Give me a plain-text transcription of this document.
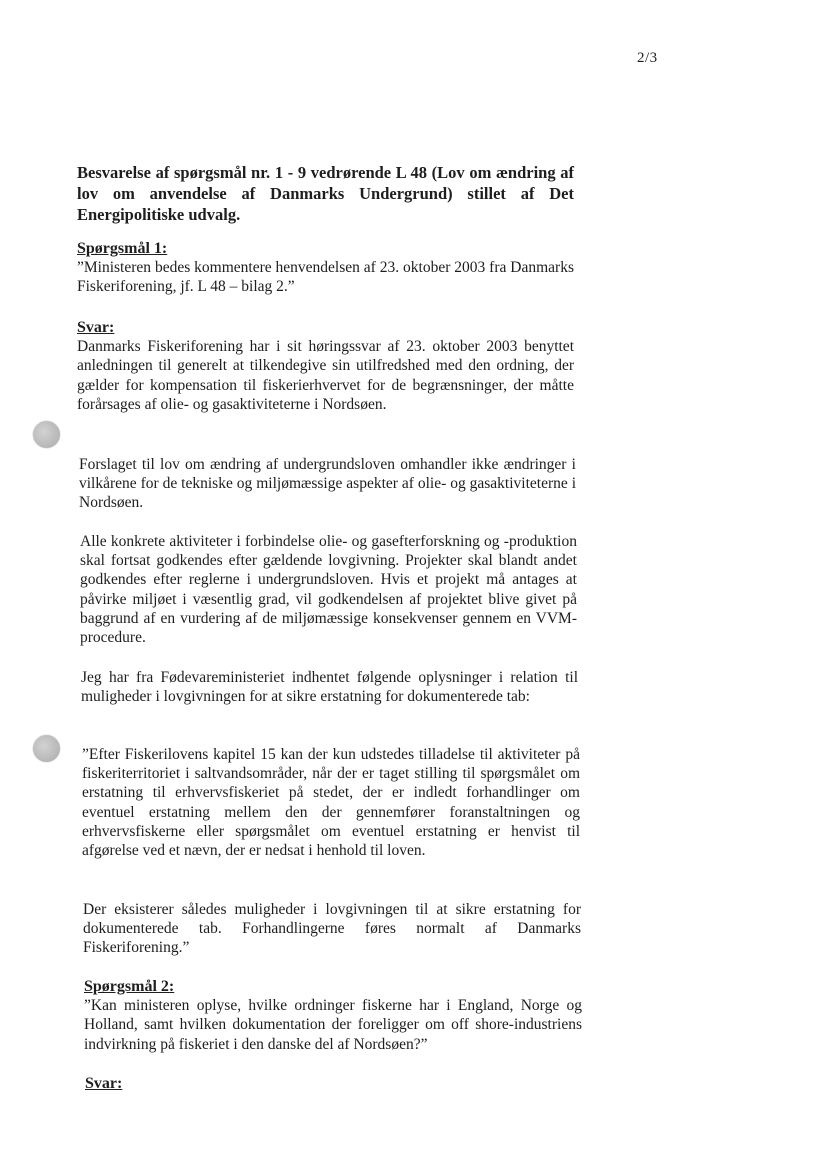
2/3
Besvarelse af spørgsmål nr. 1 - 9 vedrørende L 48 (Lov om ændring af lov om anvendelse af Danmarks Undergrund) stillet af Det Energipolitiske udvalg.

Spørgsmål 1:

”Ministeren bedes kommentere henvendelsen af 23. oktober 2003 fra Danmarks Fiskeriforening, jf. L 48 – bilag 2.”

Svar:

Danmarks Fiskeriforening har i sit høringssvar af 23. oktober 2003 benyttet anledningen til generelt at tilkendegive sin utilfredshed med den ordning, der gælder for kompensation til fiskerierhvervet for de begrænsninger, der måtte forårsages af olie- og gasaktiviteterne i Nordsøen.

Forslaget til lov om ændring af undergrundsloven omhandler ikke ændringer i vilkårene for de tekniske og miljømæssige aspekter af olie- og gasaktiviteterne i Nordsøen.
Alle konkrete aktiviteter i forbindelse olie- og gasefterforskning og -produktion skal fortsat godkendes efter gældende lovgivning. Projekter skal blandt andet godkendes efter reglerne i undergrundsloven. Hvis et projekt må antages at påvirke miljøet i væsentlig grad, vil godkendelsen af projektet blive givet på baggrund af en vurdering af de miljømæssige konsekvenser gennem en VVM-procedure.
Jeg har fra Fødevareministeriet indhentet følgende oplysninger i relation til muligheder i lovgivningen for at sikre erstatning for dokumenterede tab:
”Efter Fiskerilovens kapitel 15 kan der kun udstedes tilladelse til aktiviteter på fiskeriterritoriet i saltvandsområder, når der er taget stilling til spørgsmålet om erstatning til erhvervsfiskeriet på stedet, der er indledt forhandlinger om eventuel erstatning mellem den der gennemfører foranstaltningen og erhvervsfiskerne eller spørgsmålet om eventuel erstatning er henvist til afgørelse ved et nævn, der er nedsat i henhold til loven.
Der eksisterer således muligheder i lovgivningen til at sikre erstatning for dokumenterede tab. Forhandlingerne føres normalt af Danmarks Fiskeriforening.”

Spørgsmål 2:

”Kan ministeren oplyse, hvilke ordninger fiskerne har i England, Norge og Holland, samt hvilken dokumentation der foreligger om off shore-industriens indvirkning på fiskeriet i den danske del af Nordsøen?”

Svar:
